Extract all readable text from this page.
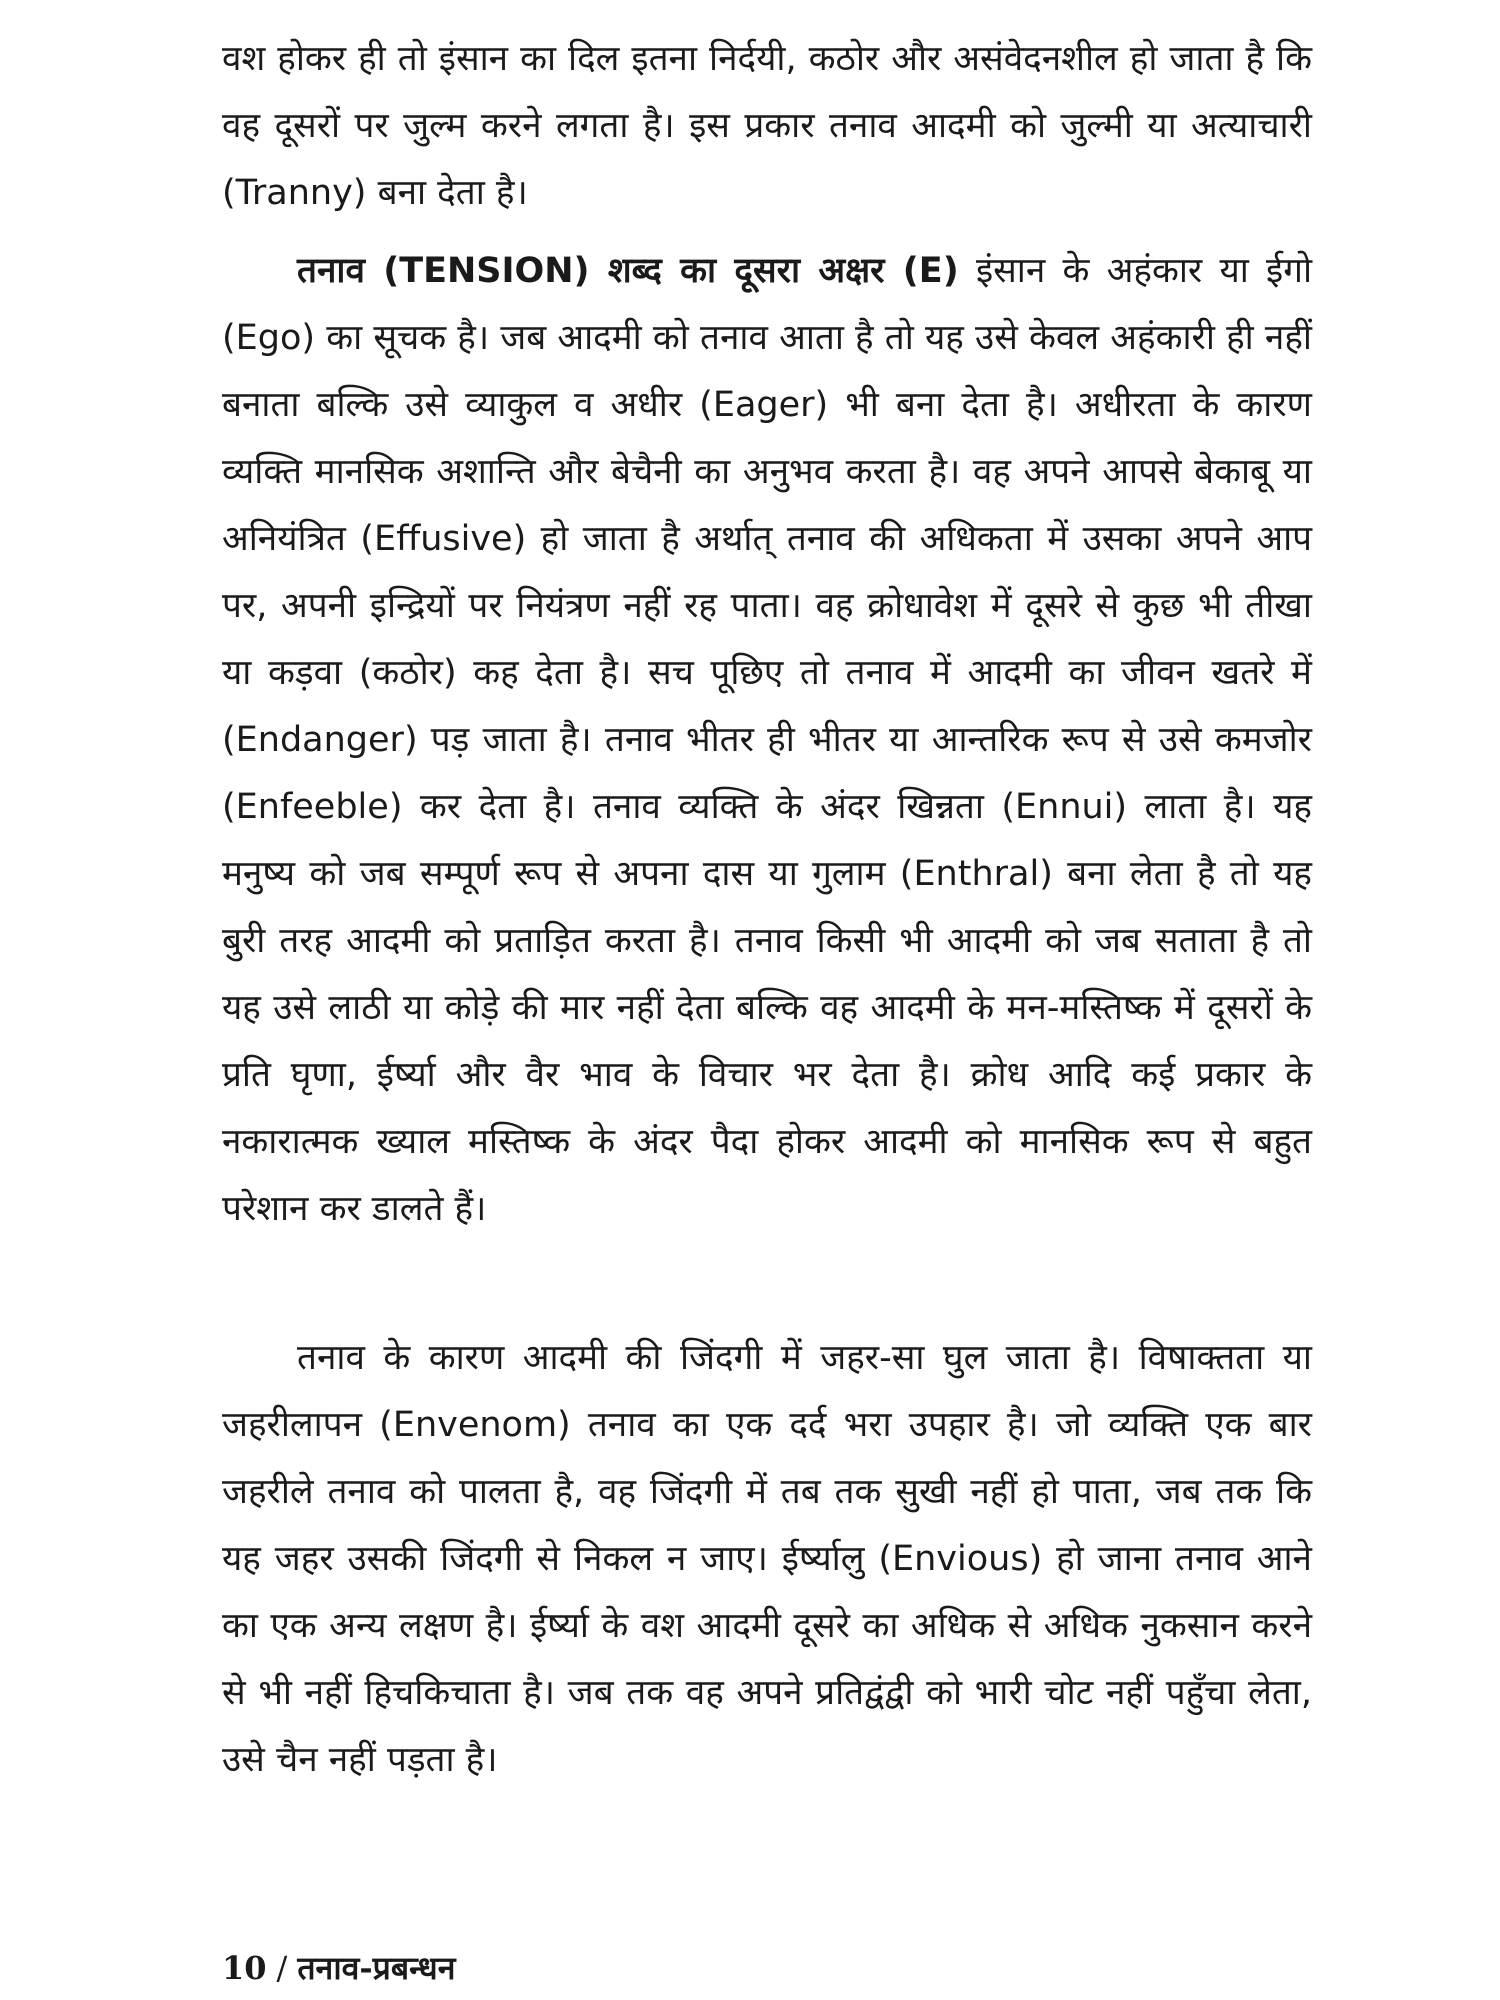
वश होकर ही तो इंसान का दिल इतना निर्दयी, कठोर और असंवेदनशील हो जाता है कि वह दूसरों पर जुल्म करने लगता है। इस प्रकार तनाव आदमी को जुल्मी या अत्याचारी (Tranny) बना देता है।

तनाव (TENSION) शब्द का दूसरा अक्षर (E) इंसान के अहंकार या ईगो (Ego) का सूचक है। जब आदमी को तनाव आता है तो यह उसे केवल अहंकारी ही नहीं बनाता बल्कि उसे व्याकुल व अधीर (Eager) भी बना देता है। अधीरता के कारण व्यक्ति मानसिक अशान्ति और बेचैनी का अनुभव करता है। वह अपने आपसे बेकाबू या अनियंत्रित (Effusive) हो जाता है अर्थात् तनाव की अधिकता में उसका अपने आप पर, अपनी इन्द्रियों पर नियंत्रण नहीं रह पाता। वह क्रोधावेश में दूसरे से कुछ भी तीखा या कड़वा (कठोर) कह देता है। सच पूछिए तो तनाव में आदमी का जीवन खतरे में (Endanger) पड़ जाता है। तनाव भीतर ही भीतर या आन्तरिक रूप से उसे कमजोर (Enfeeble) कर देता है। तनाव व्यक्ति के अंदर खिन्नता (Ennui) लाता है। यह मनुष्य को जब सम्पूर्ण रूप से अपना दास या गुलाम (Enthral) बना लेता है तो यह बुरी तरह आदमी को प्रताड़ित करता है। तनाव किसी भी आदमी को जब सताता है तो यह उसे लाठी या कोड़े की मार नहीं देता बल्कि वह आदमी के मन-मस्तिष्क में दूसरों के प्रति घृणा, ईर्ष्या और वैर भाव के विचार भर देता है। क्रोध आदि कई प्रकार के नकारात्मक ख्याल मस्तिष्क के अंदर पैदा होकर आदमी को मानसिक रूप से बहुत परेशान कर डालते हैं।

तनाव के कारण आदमी की जिंदगी में जहर-सा घुल जाता है। विषाक्तता या जहरीलापन (Envenom) तनाव का एक दर्द भरा उपहार है। जो व्यक्ति एक बार जहरीले तनाव को पालता है, वह जिंदगी में तब तक सुखी नहीं हो पाता, जब तक कि यह जहर उसकी जिंदगी से निकल न जाए। ईर्ष्यालु (Envious) हो जाना तनाव आने का एक अन्य लक्षण है। ईर्ष्या के वश आदमी दूसरे का अधिक से अधिक नुकसान करने से भी नहीं हिचकिचाता है। जब तक वह अपने प्रतिद्वंद्वी को भारी चोट नहीं पहुँचा लेता, उसे चैन नहीं पड़ता है।

10 / तनाव-प्रबन्धन
